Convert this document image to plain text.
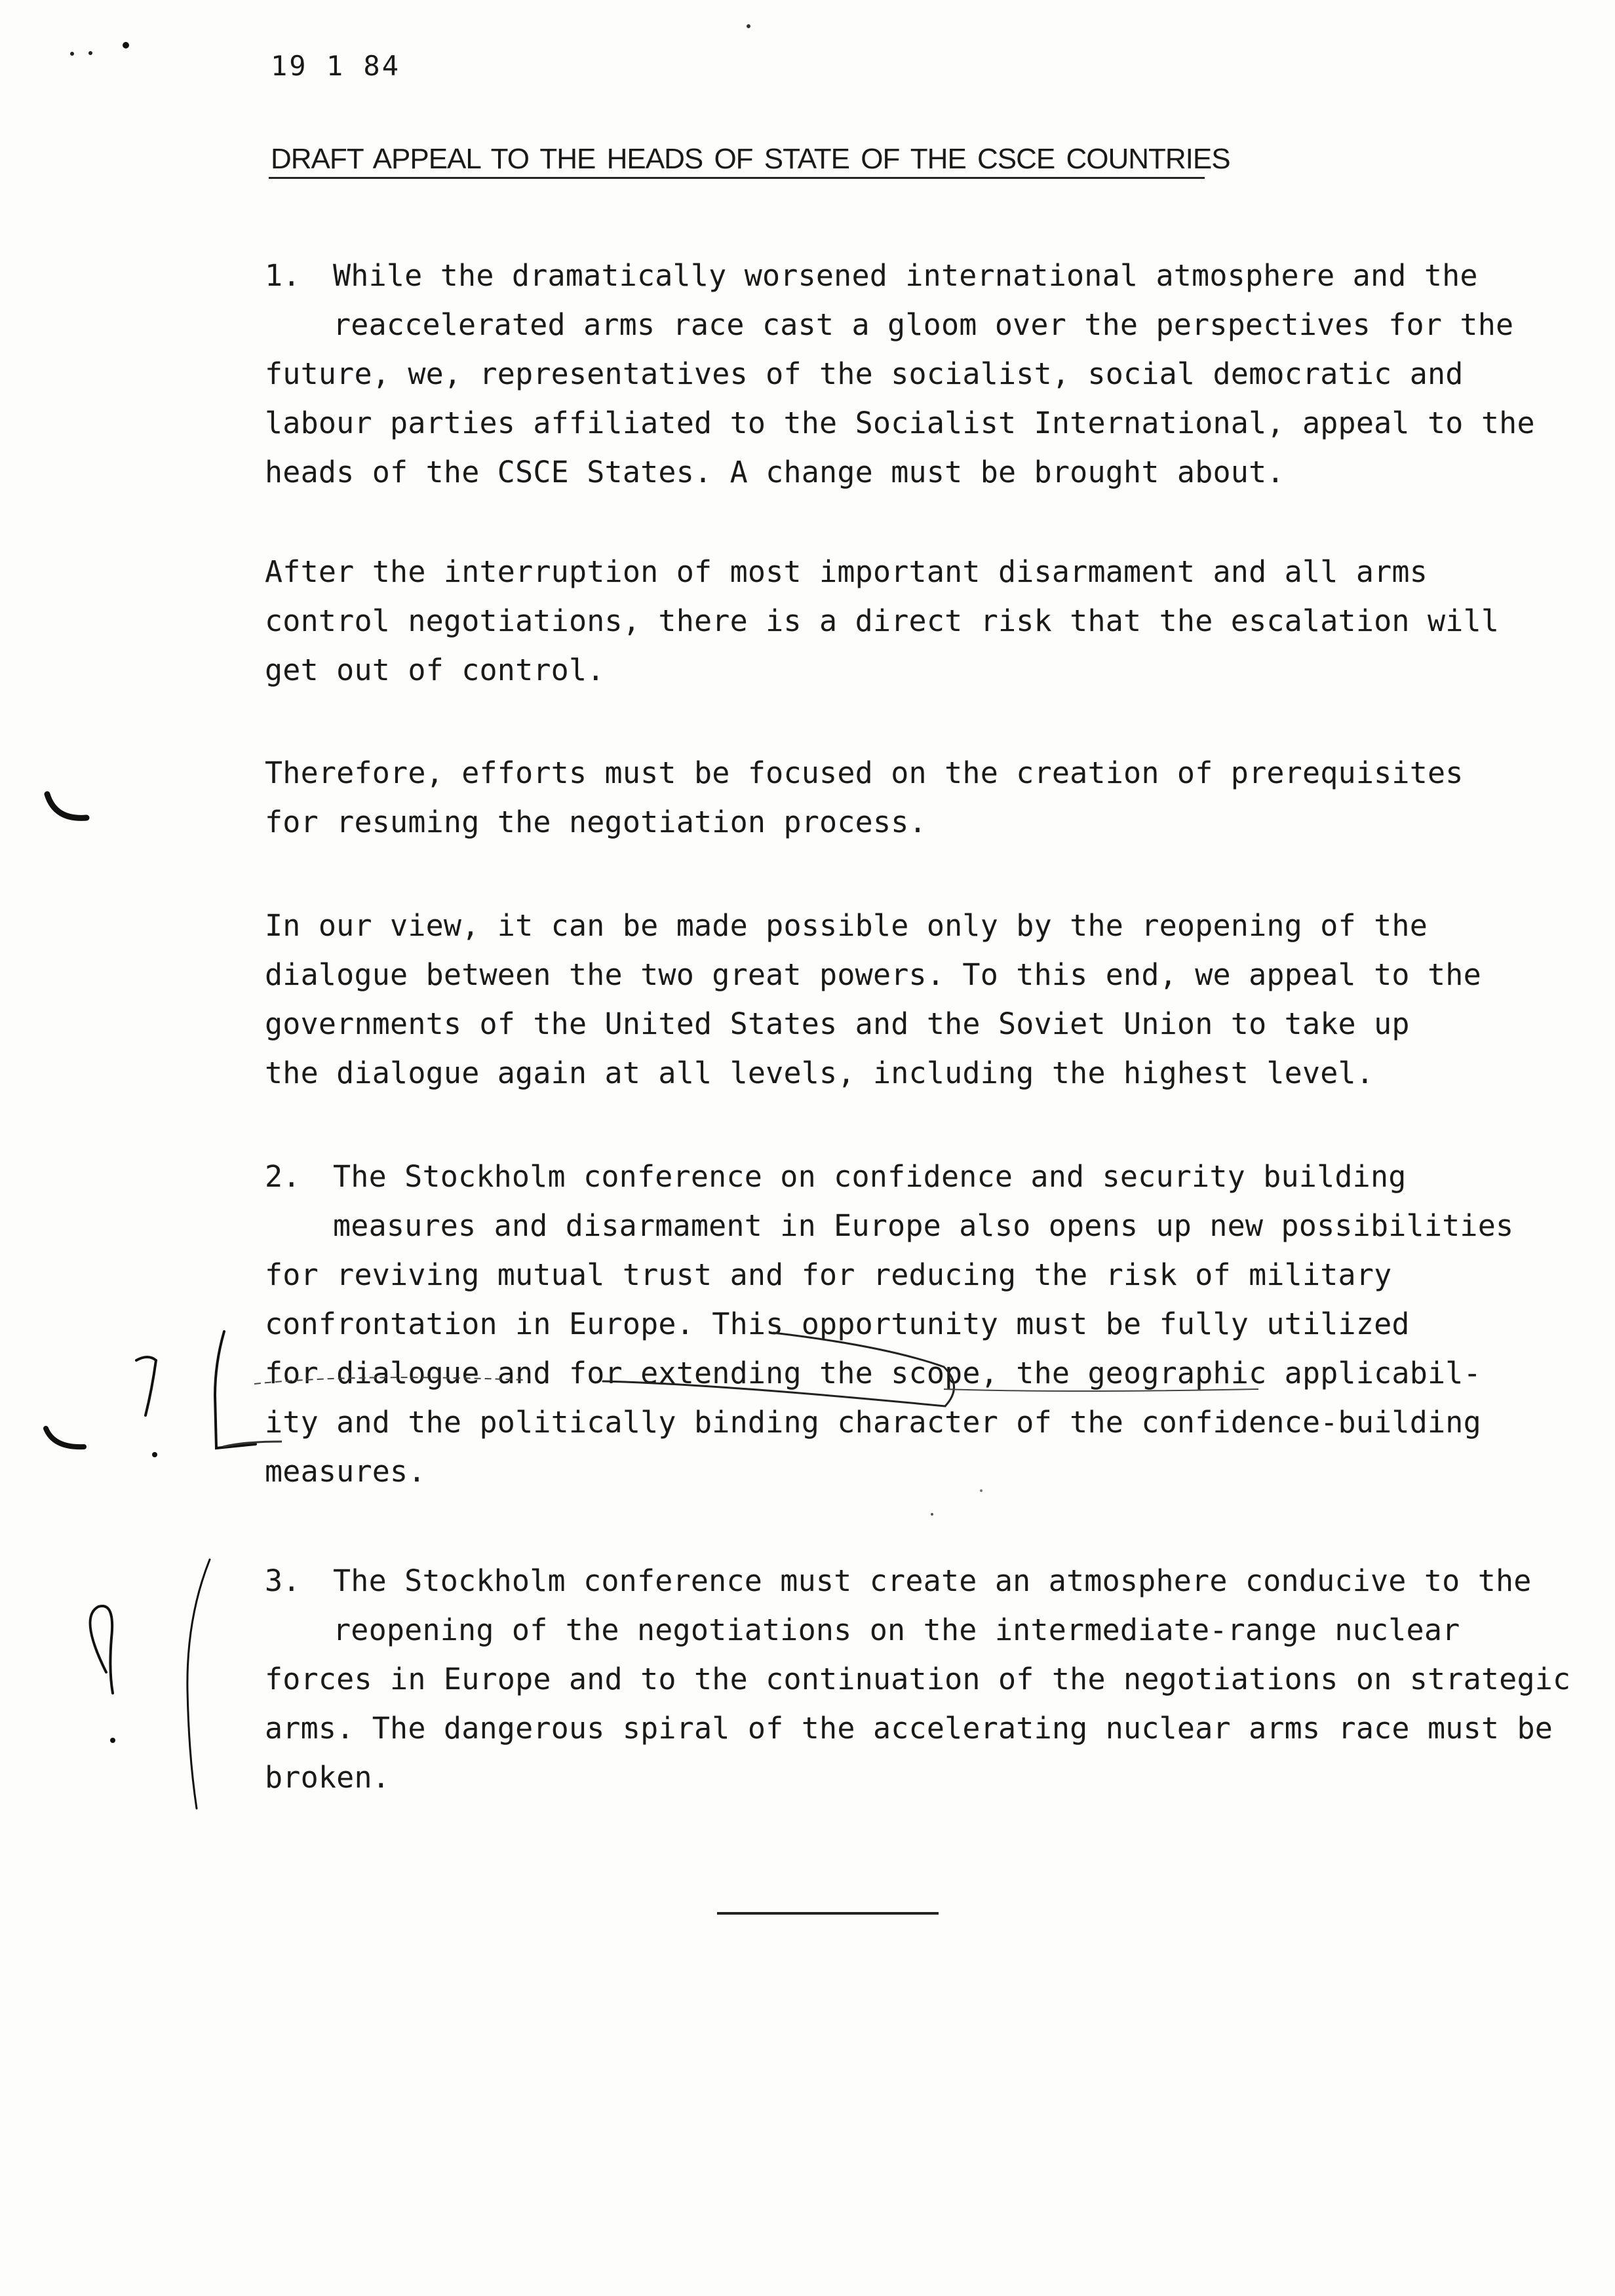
19 1 84
DRAFT APPEAL TO THE HEADS OF STATE OF THE CSCE COUNTRIES
1. While the dramatically worsened international atmosphere and the
reaccelerated arms race cast a gloom over the perspectives for the
future, we, representatives of the socialist, social democratic and
labour parties affiliated to the Socialist International, appeal to the
heads of the CSCE States. A change must be brought about.
After the interruption of most important disarmament and all arms
control negotiations, there is a direct risk that the escalation will
get out of control.
Therefore, efforts must be focused on the creation of prerequisites
for resuming the negotiation process.
In our view, it can be made possible only by the reopening of the
dialogue between the two great powers. To this end, we appeal to the
governments of the United States and the Soviet Union to take up
the dialogue again at all levels, including the highest level.
2. The Stockholm conference on confidence and security building
measures and disarmament in Europe also opens up new possibilities
for reviving mutual trust and for reducing the risk of military
confrontation in Europe. This opportunity must be fully utilized
for dialogue and for extending the scope, the geographic applicabil-
ity and the politically binding character of the confidence-building
measures.
3. The Stockholm conference must create an atmosphere conducive to the
reopening of the negotiations on the intermediate-range nuclear
forces in Europe and to the continuation of the negotiations on strategic
arms. The dangerous spiral of the accelerating nuclear arms race must be
broken.
